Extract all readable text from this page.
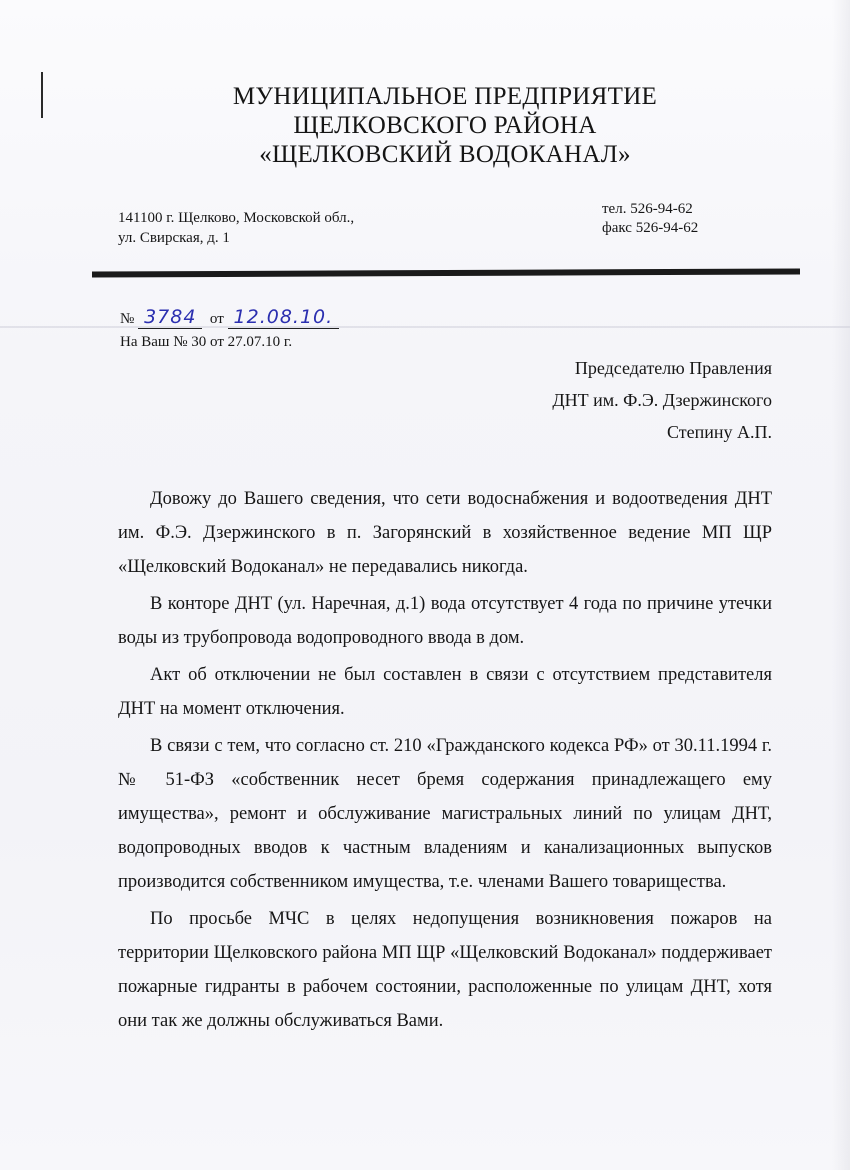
МУНИЦИПАЛЬНОЕ ПРЕДПРИЯТИЕ
ЩЕЛКОВСКОГО РАЙОНА
«ЩЕЛКОВСКИЙ ВОДОКАНАЛ»
141100 г. Щелково, Московской обл.,
ул. Свирская, д. 1
тел. 526-94-62
факс 526-94-62
№ 3784 от 12.08.10.
На Ваш № 30 от 27.07.10 г.
Председателю Правления
ДНТ им. Ф.Э. Дзержинского
Степину А.П.

Довожу до Вашего сведения, что сети водоснабжения и водоотведения ДНТ им. Ф.Э. Дзержинского в п. Загорянский в хозяйственное ведение МП ЩР «Щелковский Водоканал» не передавались никогда.

В конторе ДНТ (ул. Наречная, д.1) вода отсутствует 4 года по причине утечки воды из трубопровода водопроводного ввода в дом.

Акт об отключении не был составлен в связи с отсутствием представителя ДНТ на момент отключения.

В связи с тем, что согласно ст. 210 «Гражданского кодекса РФ» от 30.11.1994 г. № 51-ФЗ «собственник несет бремя содержания принадлежащего ему имущества», ремонт и обслуживание магистральных линий по улицам ДНТ, водопроводных вводов к частным владениям и канализационных выпусков производится собственником имущества, т.е. членами Вашего товарищества.

По просьбе МЧС в целях недопущения возникновения пожаров на территории Щелковского района МП ЩР «Щелковский Водоканал» поддерживает пожарные гидранты в рабочем состоянии, расположенные по улицам ДНТ, хотя они так же должны обслуживаться Вами.
